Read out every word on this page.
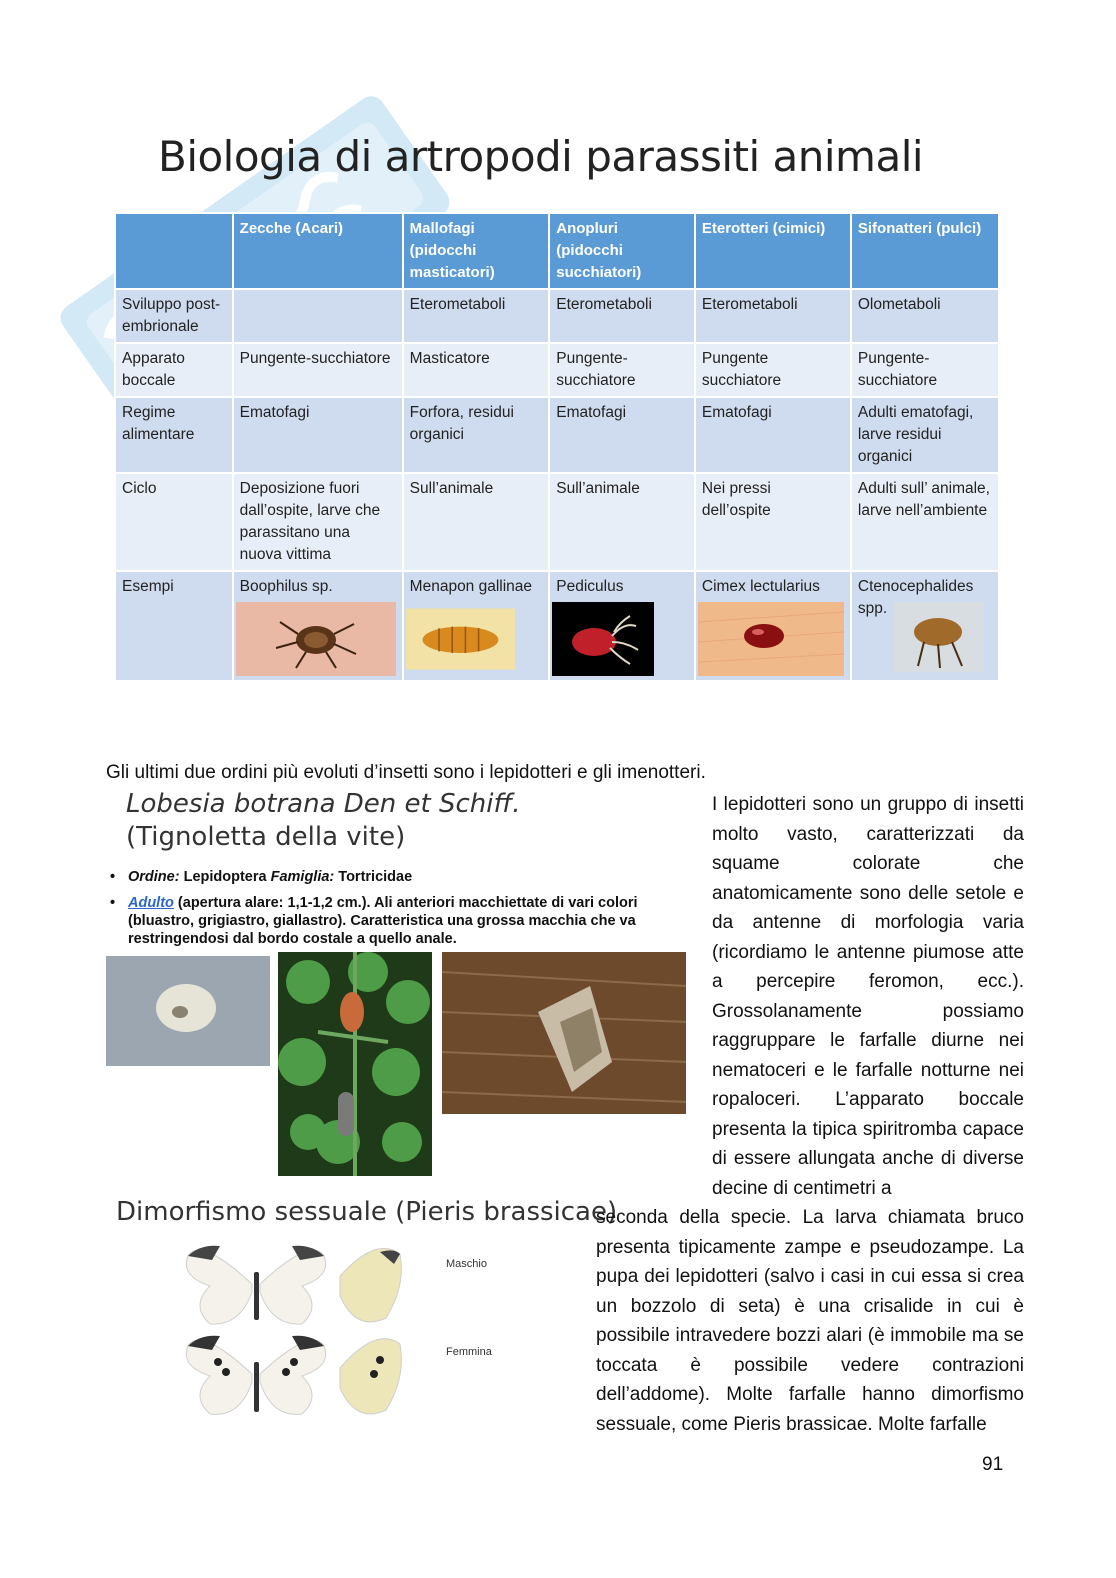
Biologia di artropodi parassiti animali
	Zecche (Acari)	Mallofagi (pidocchi masticatori)	Anopluri (pidocchi succhiatori)	Eterotteri (cimici)	Sifonatteri (pulci)
Sviluppo post-embrionale		Eterometaboli	Eterometaboli	Eterometaboli	Olometaboli
Apparato boccale	Pungente-succhiatore	Masticatore	Pungente-succhiatore	Pungente succhiatore	Pungente-succhiatore
Regime alimentare	Ematofagi	Forfora, residui organici	Ematofagi	Ematofagi	Adulti ematofagi, larve residui organici
Ciclo	Deposizione fuori dall’ospite, larve che parassitano una nuova vittima	Sull’animale	Sull’animale	Nei pressi dell’ospite	Adulti sull’ animale, larve nell’ambiente
Esempi	Boophilus sp.	Menapon gallinae	Pediculus	Cimex lectularius	Ctenocephalides spp.
Gli ultimi due ordini più evoluti d’insetti sono i lepidotteri e gli imenotteri.
Lobesia botrana Den et Schiff. (Tignoletta della vite)
• Ordine: Lepidoptera Famiglia: Tortricidae
• Adulto (apertura alare: 1,1-1,2 cm.). Ali anteriori macchiettate di vari colori (bluastro, grigiastro, giallastro). Caratteristica una grossa macchia che va restringendosi dal bordo costale a quello anale.
I lepidotteri sono un gruppo di insetti molto vasto, caratterizzati da squame colorate che anatomicamente sono delle setole e da antenne di morfologia varia (ricordiamo le antenne piumose atte a percepire feromon, ecc.). Grossolanamente possiamo raggruppare le farfalle diurne nei nematoceri e le farfalle notturne nei ropaloceri. L’apparato boccale presenta la tipica spiritromba capace di essere allungata anche di diverse decine di centimetri a
Dimorfismo sessuale (Pieris brassicae)
Maschio
Femmina
seconda della specie. La larva chiamata bruco presenta tipicamente zampe e pseudozampe. La pupa dei lepidotteri (salvo i casi in cui essa si crea un bozzolo di seta) è una crisalide in cui è possibile intravedere bozzi alari (è immobile ma se toccata è possibile vedere contrazioni dell’addome). Molte farfalle hanno dimorfismo sessuale, come Pieris brassicae. Molte farfalle
91
